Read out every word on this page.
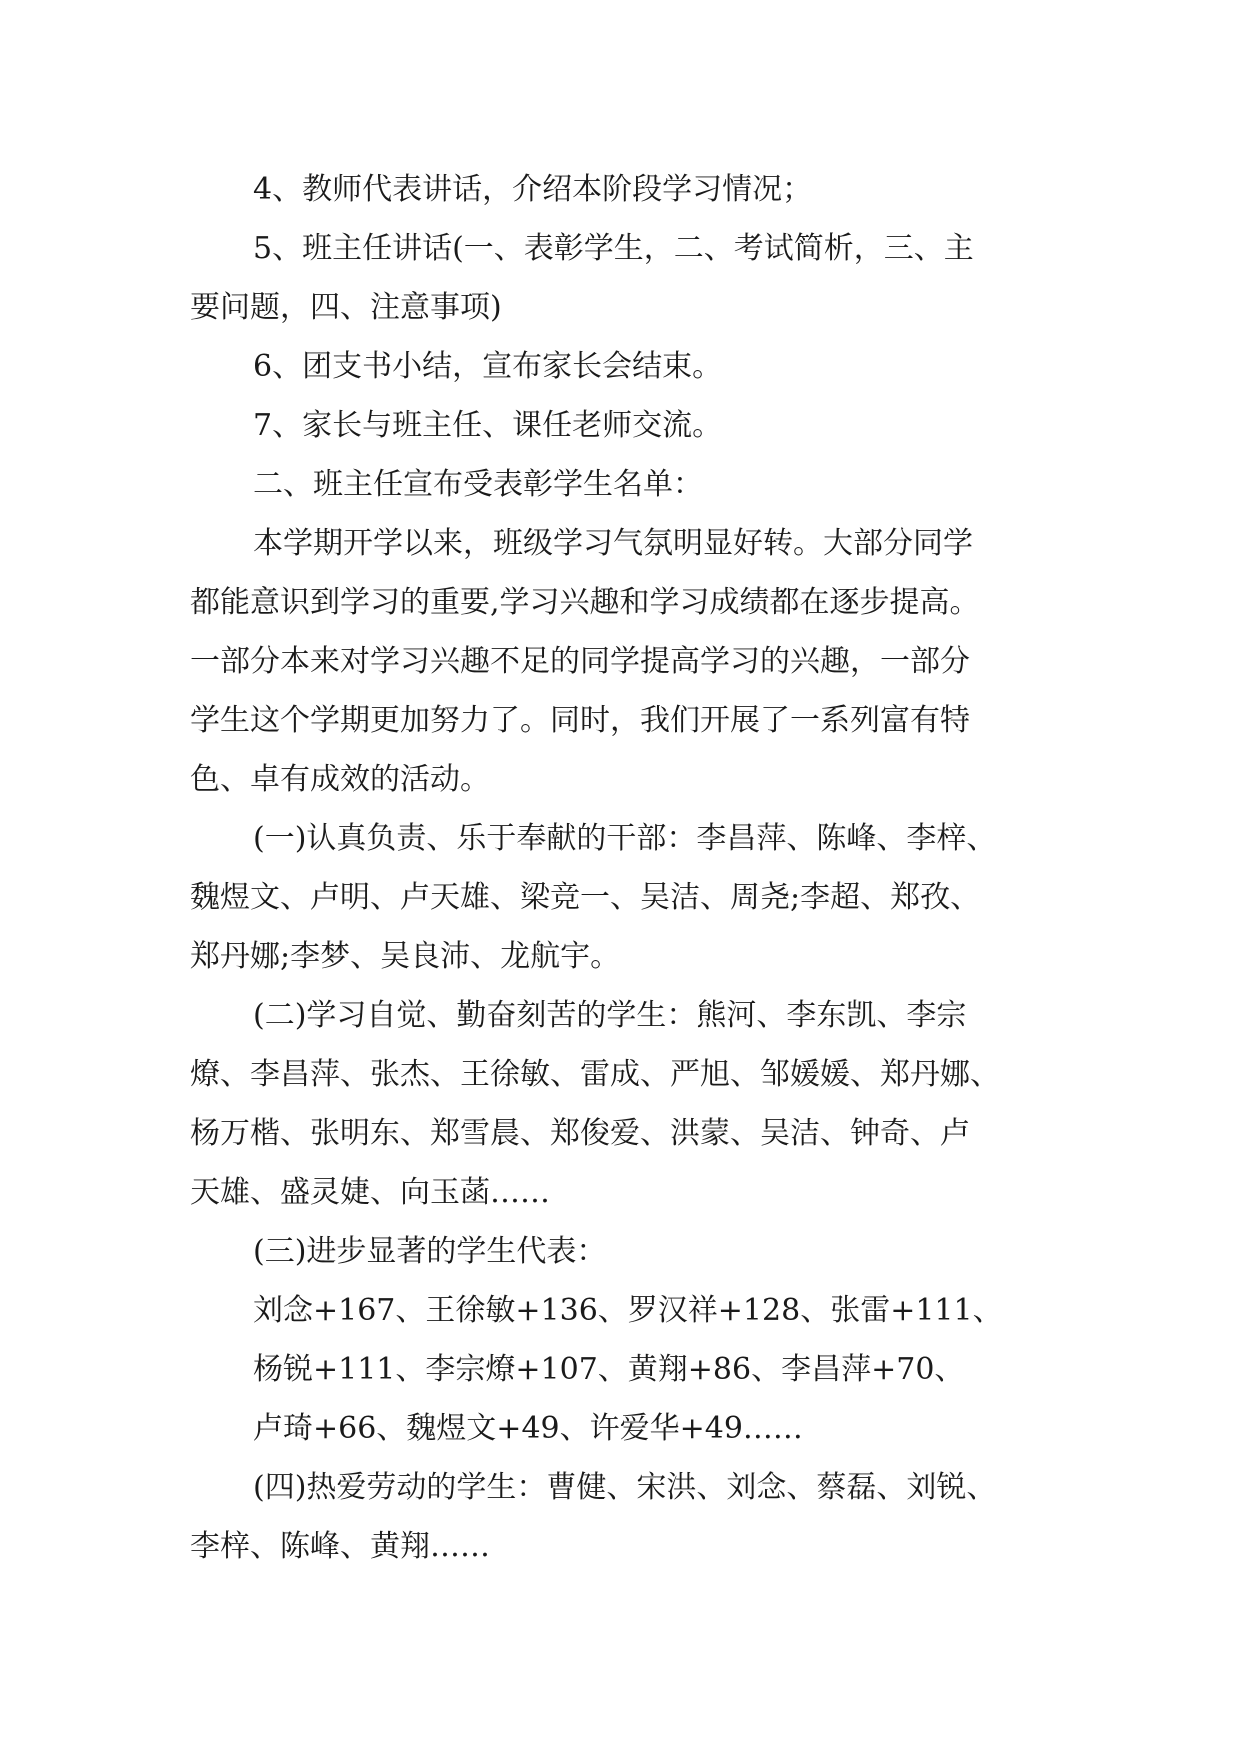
4、教师代表讲话，介绍本阶段学习情况；
5、班主任讲话(一、表彰学生，二、考试简析，三、主
要问题，四、注意事项)
6、团支书小结，宣布家长会结束。
7、家长与班主任、课任老师交流。
二、班主任宣布受表彰学生名单：
本学期开学以来，班级学习气氛明显好转。大部分同学
都能意识到学习的重要,学习兴趣和学习成绩都在逐步提高。
一部分本来对学习兴趣不足的同学提高学习的兴趣，一部分
学生这个学期更加努力了。同时，我们开展了一系列富有特
色、卓有成效的活动。
(一)认真负责、乐于奉献的干部：李昌萍、陈峰、李梓、
魏煜文、卢明、卢天雄、梁竞一、吴洁、周尧;李超、郑孜、
郑丹娜;李梦、吴良沛、龙航宇。
(二)学习自觉、勤奋刻苦的学生：熊河、李东凯、李宗
燎、李昌萍、张杰、王徐敏、雷成、严旭、邹媛媛、郑丹娜、
杨万楷、张明东、郑雪晨、郑俊爱、洪蒙、吴洁、钟奇、卢
天雄、盛灵婕、向玉菡……
(三)进步显著的学生代表：
刘念+167、王徐敏+136、罗汉祥+128、张雷+111、
杨锐+111、李宗燎+107、黄翔+86、李昌萍+70、
卢琦+66、魏煜文+49、许爱华+49……
(四)热爱劳动的学生：曹健、宋洪、刘念、蔡磊、刘锐、
李梓、陈峰、黄翔……
